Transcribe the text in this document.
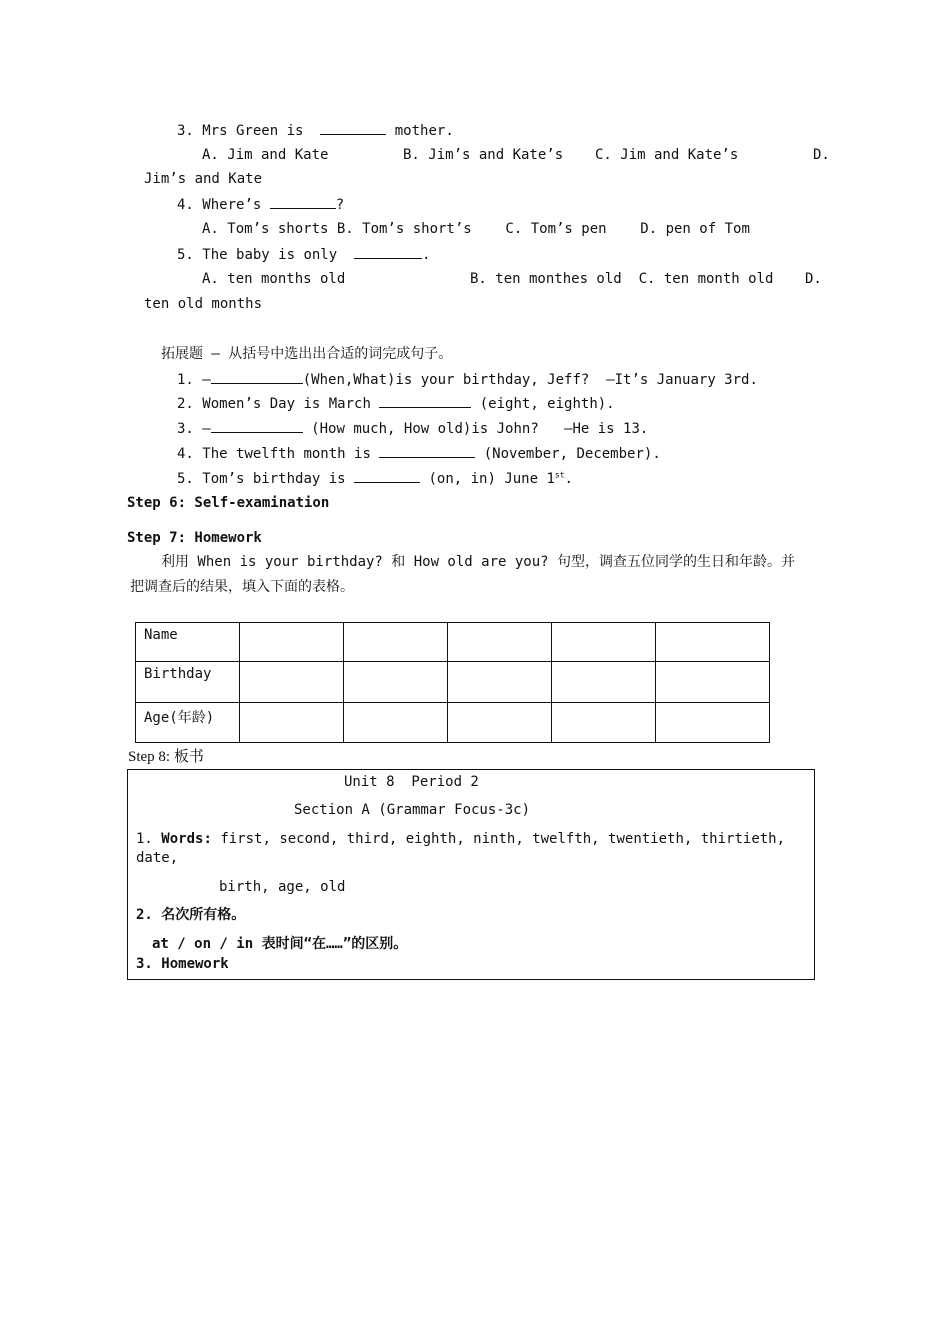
3. Mrs Green is	mother.
A. Jim and Kate	B. Jim’s and Kate’s C. Jim and Kate’s	D.
Jim’s and Kate
4. Where’s	?
A. Tom’s shorts B. Tom’s short’s    C. Tom’s pen    D. pen of Tom
5. The baby is only	.
A. ten months old	B. ten monthes old  C. ten month old D.
ten old months
拓展题 — 从括号中选出出合适的词完成句子。
1. —	(When,What)is your birthday, Jeff?  —It’s January 3rd.
2. Women’s Day is March	(eight, eighth).
3. —	(How much, How old)is John?   —He is 13.
4. The twelfth month is	(November, December).
5. Tom’s birthday is	(on, in) June 1st.
Step 6: Self-examination
Step 7: Homework
利用 When is your birthday? 和 How old are you? 句型，调查五位同学的生日和年龄。并
把调查后的结果，填入下面的表格。
Name					
Birthday					
Age(年龄)					
Step 8: 板书
Unit 8  Period 2
Section A (Grammar Focus-3c)
1. Words: first, second, third, eighth, ninth, twelfth, twentieth, thirtieth,
date,
birth, age, old
2. 名次所有格。
at / on / in 表时间“在……”的区别。
3. Homework
